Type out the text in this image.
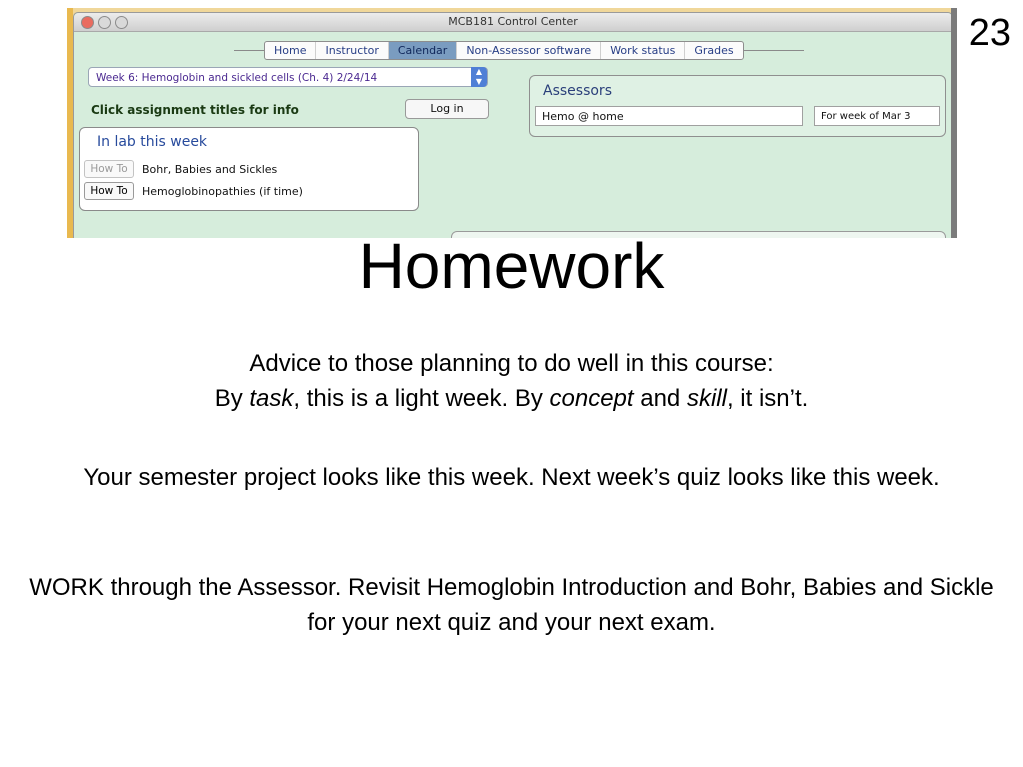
23
MCB181 Control Center
Home	Instructor	Calendar	Non-Assessor software	Work status	Grades
Week 6: Hemoglobin and sickled cells (Ch. 4) 2/24/14
▲
▼
Click assignment titles for info	Log in
In lab this week
How To	Bohr, Babies and Sickles
How To	Hemoglobinopathies (if time)
Assessors
Hemo @ home	For week of Mar 3
Homework
Advice to those planning to do well in this course:
By task, this is a light week. By concept and skill, it isn’t.
Your semester project looks like this week. Next week’s quiz looks like this week.
WORK through the Assessor. Revisit Hemoglobin Introduction and Bohr, Babies and Sickle for your next quiz and your next exam.
